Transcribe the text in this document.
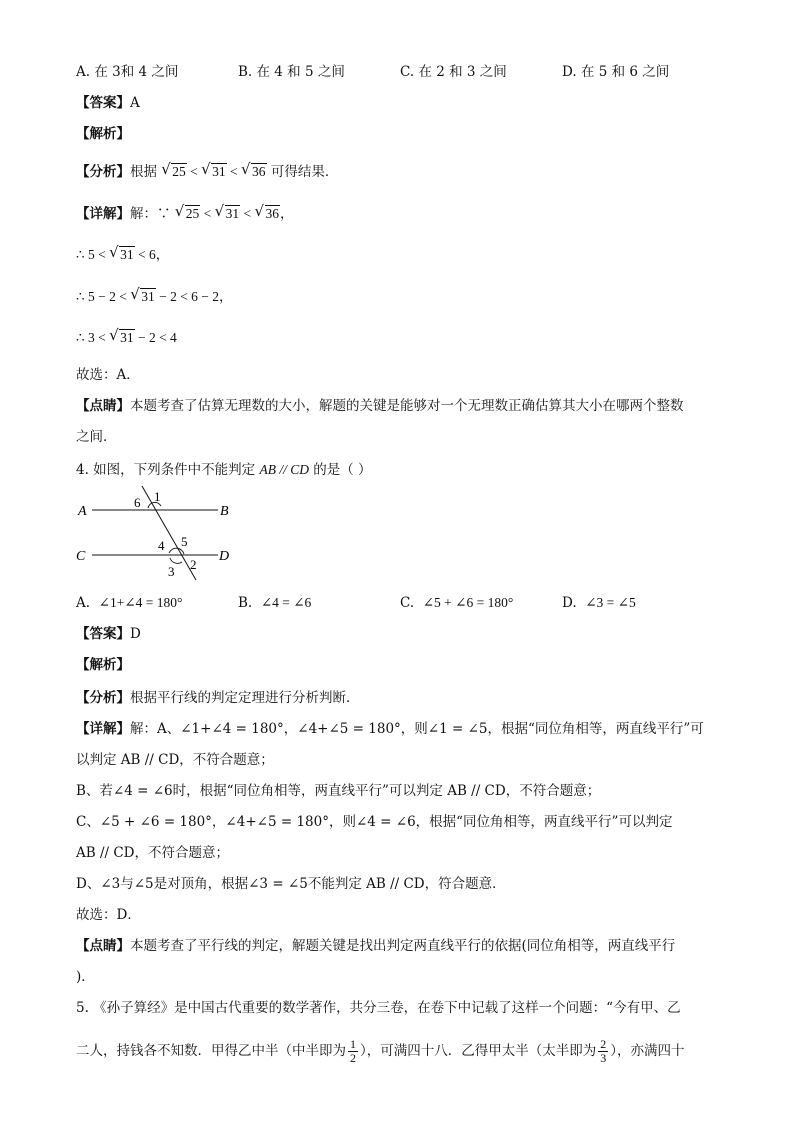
A. 在 3和 4 之间	B. 在 4 和 5 之间	C. 在 2 和 3 之间	D. 在 5 和 6 之间
【答案】A
【解析】
【分析】根据 √ 25 < √ 31 < √ 36 可得结果．
【详解】解：∵ √ 25 < √ 31 < √ 36，
∴ 5 < √ 31 < 6，
∴ 5 − 2 < √ 31 − 2 < 6 − 2，
∴ 3 < √ 31 − 2 < 4
故选：A．
【点睛】本题考查了估算无理数的大小，解题的关键是能够对一个无理数正确估算其大小在哪两个整数
之间．
4. 如图，下列条件中不能判定 AB // CD 的是（ ）
A	B
C	D
1
6
4 5
3 2
A. ∠1+∠4 = 180°	B. ∠4 = ∠6	C. ∠5 + ∠6 = 180°	D. ∠3 = ∠5
【答案】D
【解析】
【分析】根据平行线的判定定理进行分析判断．
【详解】解：A、∠1+∠4 = 180°，∠4+∠5 = 180°，则∠1 = ∠5，根据“同位角相等，两直线平行”可
以判定 AB // CD，不符合题意；
B、若∠4 = ∠6时，根据“同位角相等，两直线平行”可以判定 AB // CD，不符合题意；
C、∠5 + ∠6 = 180°，∠4+∠5 = 180°，则∠4 = ∠6，根据“同位角相等，两直线平行”可以判定
AB // CD，不符合题意；
D、∠3与∠5是对顶角，根据∠3 = ∠5不能判定 AB // CD，符合题意．
故选：D．
【点睛】本题考查了平行线的判定，解题关键是找出判定两直线平行的依据(同位角相等，两直线平行
)．
5. 《孙子算经》是中国古代重要的数学著作，共分三卷，在卷下中记载了这样一个问题：“今有甲、乙
二人，持钱各不知数．甲得乙中半（中半即为 $\frac{1}{2}$ ），可满四十八．乙得甲太半（太半即为 $\frac{2}{3}$ ），亦满四十
